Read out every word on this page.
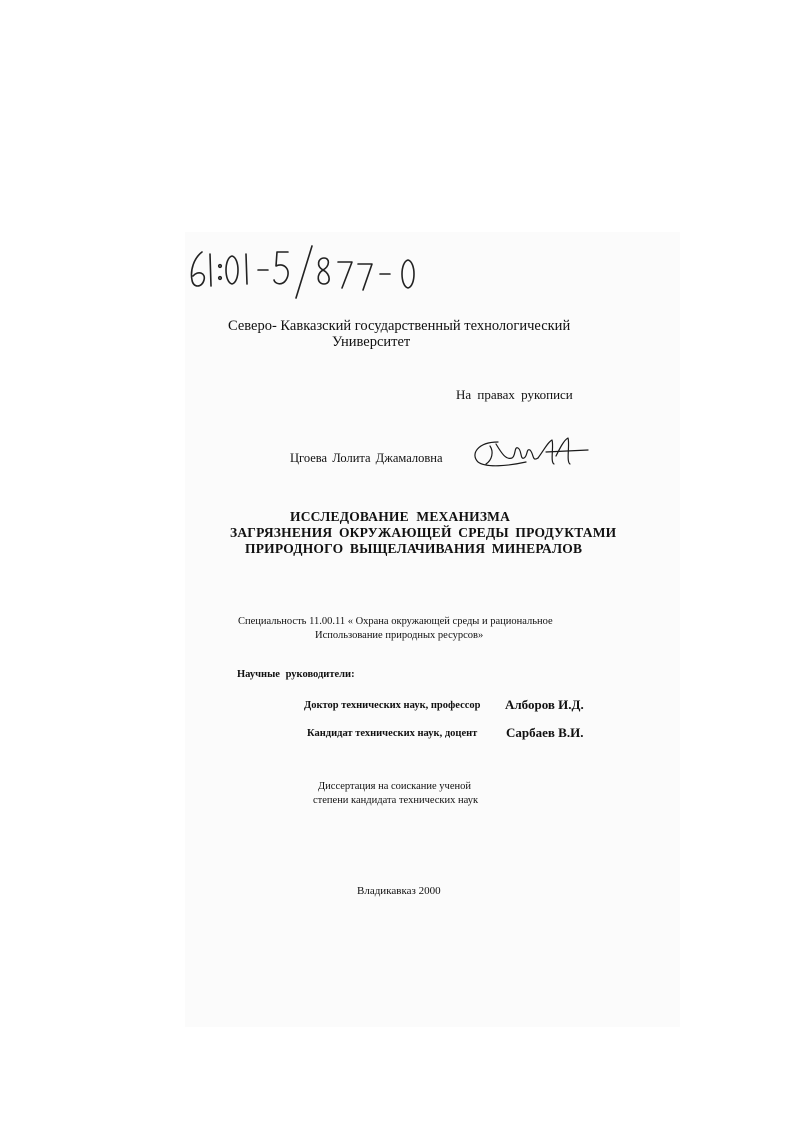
61:01-5/877-0
Северо- Кавказский государственный технологический
Университет
На правах рукописи
Цгоева Лолита Джамаловна
ИССЛЕДОВАНИЕ МЕХАНИЗМА
ЗАГРЯЗНЕНИЯ ОКРУЖАЮЩЕЙ СРЕДЫ ПРОДУКТАМИ
ПРИРОДНОГО ВЫЩЕЛАЧИВАНИЯ МИНЕРАЛОВ
Специальность 11.00.11 « Охрана окружающей среды и рациональное
Использование природных ресурсов»
Научные руководители:
Доктор технических наук, профессор Алборов И.Д.
Кандидат технических наук, доцент Сарбаев В.И.
Диссертация на соискание ученой
степени кандидата технических наук
Владикавказ 2000
